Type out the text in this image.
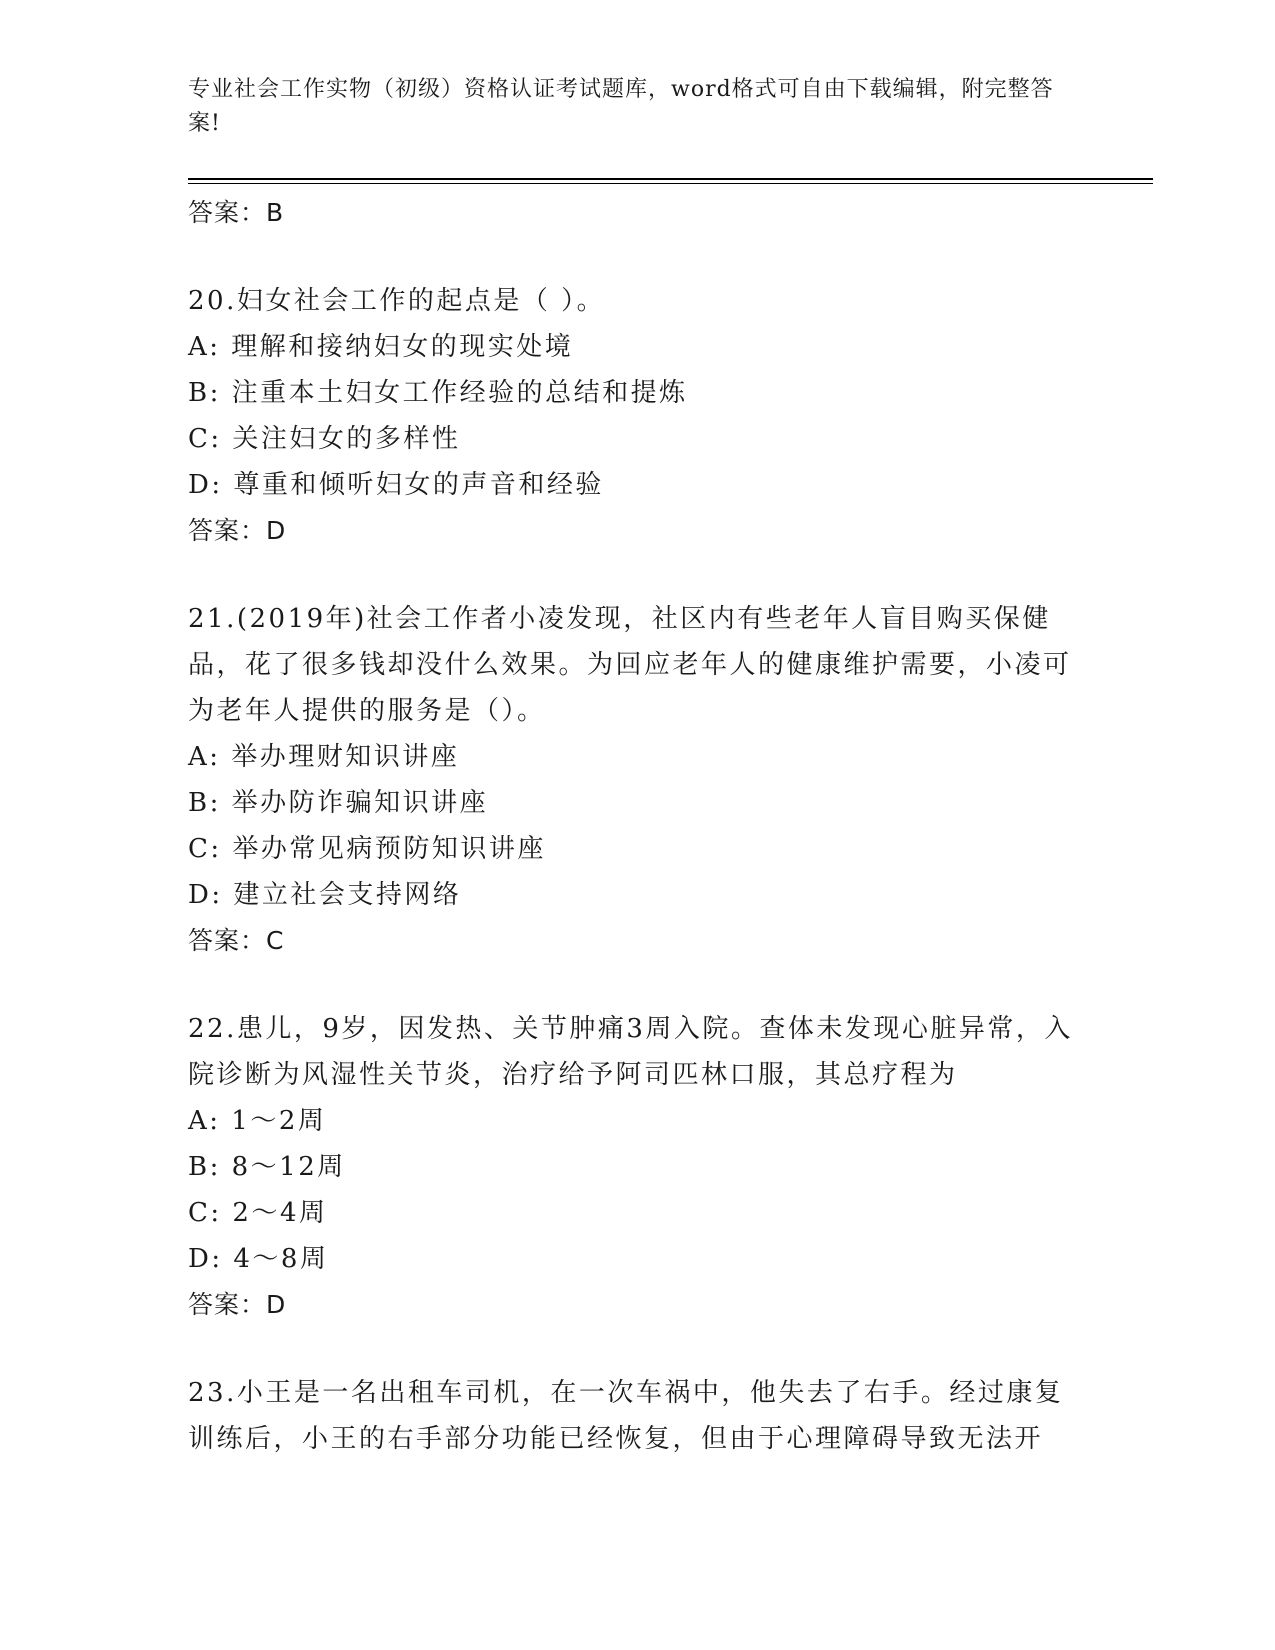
专业社会工作实物（初级）资格认证考试题库，word格式可自由下载编辑，附完整答案!
答案：B

20.妇女社会工作的起点是（ ）。

A: 理解和接纳妇女的现实处境
B: 注重本土妇女工作经验的总结和提炼
C: 关注妇女的多样性
D: 尊重和倾听妇女的声音和经验
答案：D

21.(2019年)社会工作者小凌发现，社区内有些老年人盲目购买保健品，花了很多钱却没什么效果。为回应老年人的健康维护需要，小凌可为老年人提供的服务是（）。

A: 举办理财知识讲座
B: 举办防诈骗知识讲座
C: 举办常见病预防知识讲座
D: 建立社会支持网络
答案：C

22.患儿，9岁，因发热、关节肿痛3周入院。查体未发现心脏异常，入院诊断为风湿性关节炎，治疗给予阿司匹林口服，其总疗程为

A: 1～2周
B: 8～12周
C: 2～4周
D: 4～8周
答案：D

23.小王是一名出租车司机，在一次车祸中，他失去了右手。经过康复训练后，小王的右手部分功能已经恢复，但由于心理障碍导致无法开
